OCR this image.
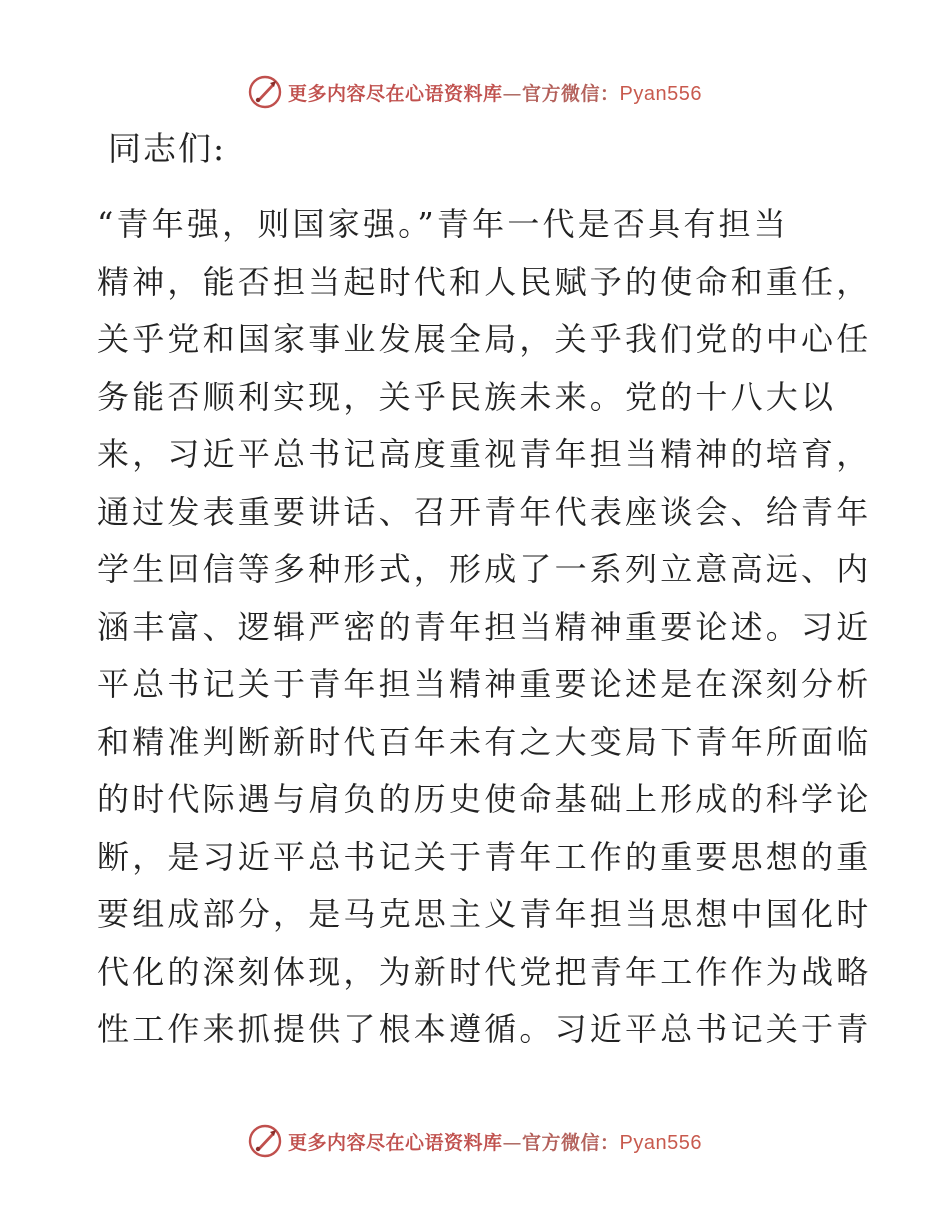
更多内容尽在心语资料库—官方微信：Pyan556
同志们:
“青年强，则国家强。”青年一代是否具有担当
精神，能否担当起时代和人民赋予的使命和重任，
关乎党和国家事业发展全局，关乎我们党的中心任
务能否顺利实现，关乎民族未来。党的十八大以
来，习近平总书记高度重视青年担当精神的培育，
通过发表重要讲话、召开青年代表座谈会、给青年
学生回信等多种形式，形成了一系列立意高远、内
涵丰富、逻辑严密的青年担当精神重要论述。习近
平总书记关于青年担当精神重要论述是在深刻分析
和精准判断新时代百年未有之大变局下青年所面临
的时代际遇与肩负的历史使命基础上形成的科学论
断，是习近平总书记关于青年工作的重要思想的重
要组成部分，是马克思主义青年担当思想中国化时
代化的深刻体现，为新时代党把青年工作作为战略
性工作来抓提供了根本遵循。习近平总书记关于青
更多内容尽在心语资料库—官方微信：Pyan556
